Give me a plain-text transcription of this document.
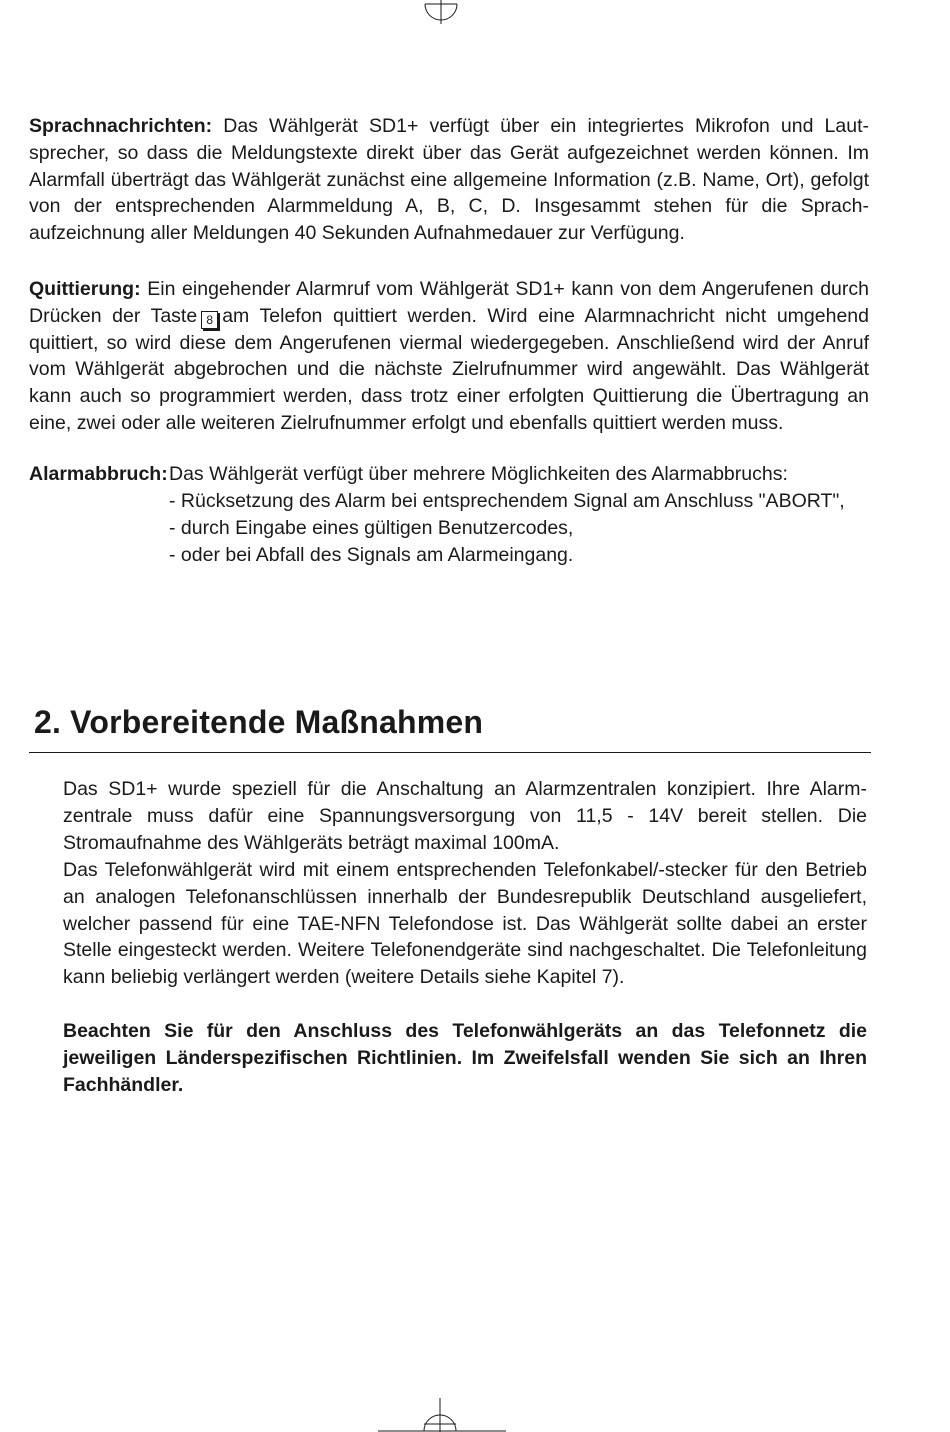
Sprachnachrichten: Das Wählgerät SD1+ verfügt über ein integriertes Mikrofon und Laut-sprecher, so dass die Meldungstexte direkt über das Gerät aufgezeichnet werden können. Im Alarmfall überträgt das Wählgerät zunächst eine allgemeine Information (z.B. Name, Ort), gefolgt von der entsprechenden Alarmmeldung A, B, C, D. Insgesammt stehen für die Sprach-aufzeichnung aller Meldungen 40 Sekunden Aufnahmedauer zur Verfügung.

Quittierung: Ein eingehender Alarmruf vom Wählgerät SD1+ kann von dem Angerufenen durch Drücken der Taste 8 am Telefon quittiert werden. Wird eine Alarmnachricht nicht umgehend quittiert, so wird diese dem Angerufenen viermal wiedergegeben. Anschließend wird der Anruf vom Wählgerät abgebrochen und die nächste Zielrufnummer wird angewählt. Das Wählgerät kann auch so programmiert werden, dass trotz einer erfolgten Quittierung die Übertragung an eine, zwei oder alle weiteren Zielrufnummer erfolgt und ebenfalls quittiert werden muss.

Alarmabbruch: Das Wählgerät verfügt über mehrere Möglichkeiten des Alarmabbruchs:
- Rücksetzung des Alarm bei entsprechendem Signal am Anschluss "ABORT",
- durch Eingabe eines gültigen Benutzercodes,
- oder bei Abfall des Signals am Alarmeingang.
2. Vorbereitende Maßnahmen

Das SD1+ wurde speziell für die Anschaltung an Alarmzentralen konzipiert. Ihre Alarm-zentrale muss dafür eine Spannungsversorgung von 11,5 - 14V bereit stellen. Die Stromaufnahme des Wählgeräts beträgt maximal 100mA.

Das Telefonwählgerät wird mit einem entsprechenden Telefonkabel/-stecker für den Betrieb an analogen Telefonanschlüssen innerhalb der Bundesrepublik Deutschland ausgeliefert, welcher passend für eine TAE-NFN Telefondose ist. Das Wählgerät sollte dabei an erster Stelle eingesteckt werden. Weitere Telefonendgeräte sind nachgeschaltet. Die Telefonleitung kann beliebig verlängert werden (weitere Details siehe Kapitel 7).

Beachten Sie für den Anschluss des Telefonwählgeräts an das Telefonnetz die jeweiligen Länderspezifischen Richtlinien. Im Zweifelsfall wenden Sie sich an Ihren Fachhändler.
